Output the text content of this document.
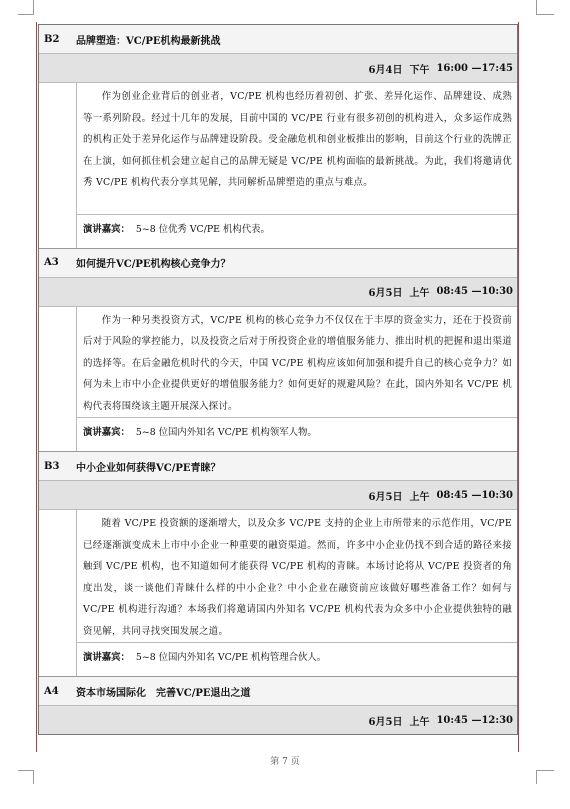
B2	品牌塑造：VC/PE机构最新挑战
6月4日 下午 16:00 —17:45
作为创业企业背后的创业者，VC/PE 机构也经历着初创、扩张、差异化运作、品牌建设、成熟等一系列阶段。经过十几年的发展，目前中国的 VC/PE 行业有很多初创的机构进入，众多运作成熟的机构正处于差异化运作与品牌建设阶段。受金融危机和创业板推出的影响，目前这个行业的洗牌正在上演，如何抓住机会建立起自己的品牌无疑是 VC/PE 机构面临的最新挑战。为此，我们将邀请优秀 VC/PE 机构代表分享其见解，共同解析品牌塑造的重点与难点。
演讲嘉宾： 5~8 位优秀 VC/PE 机构代表。
A3	如何提升VC/PE机构核心竞争力？
6月5日 上午 08:45 —10:30
作为一种另类投资方式，VC/PE 机构的核心竞争力不仅仅在于丰厚的资金实力，还在于投资前后对于风险的掌控能力，以及投资之后对于所投资企业的增值服务能力、推出时机的把握和退出渠道的选择等。在后金融危机时代的今天，中国 VC/PE 机构应该如何加强和提升自己的核心竞争力？如何为未上市中小企业提供更好的增值服务能力？如何更好的规避风险？在此，国内外知名 VC/PE 机构代表将围绕该主题开展深入探讨。
演讲嘉宾： 5~8 位国内外知名 VC/PE 机构领军人物。
B3	中小企业如何获得VC/PE青睐？
6月5日 上午 08:45 —10:30
随着 VC/PE 投资额的逐渐增大，以及众多 VC/PE 支持的企业上市所带来的示范作用，VC/PE 已经逐渐演变成未上市中小企业一种重要的融资渠道。然而，许多中小企业仍找不到合适的路径来接触到 VC/PE 机构，也不知道如何才能获得 VC/PE 机构的青睐。本场讨论将从 VC/PE 投资者的角度出发，谈一谈他们青睐什么样的中小企业？中小企业在融资前应该做好哪些准备工作？如何与 VC/PE 机构进行沟通？本场我们将邀请国内外知名 VC/PE 机构代表为众多中小企业提供独特的融资见解，共同寻找突围发展之道。
演讲嘉宾： 5~8 位国内外知名 VC/PE 机构管理合伙人。
A4	资本市场国际化　完善VC/PE退出之道
6月5日 上午 10:45 —12:30
第 7 页
